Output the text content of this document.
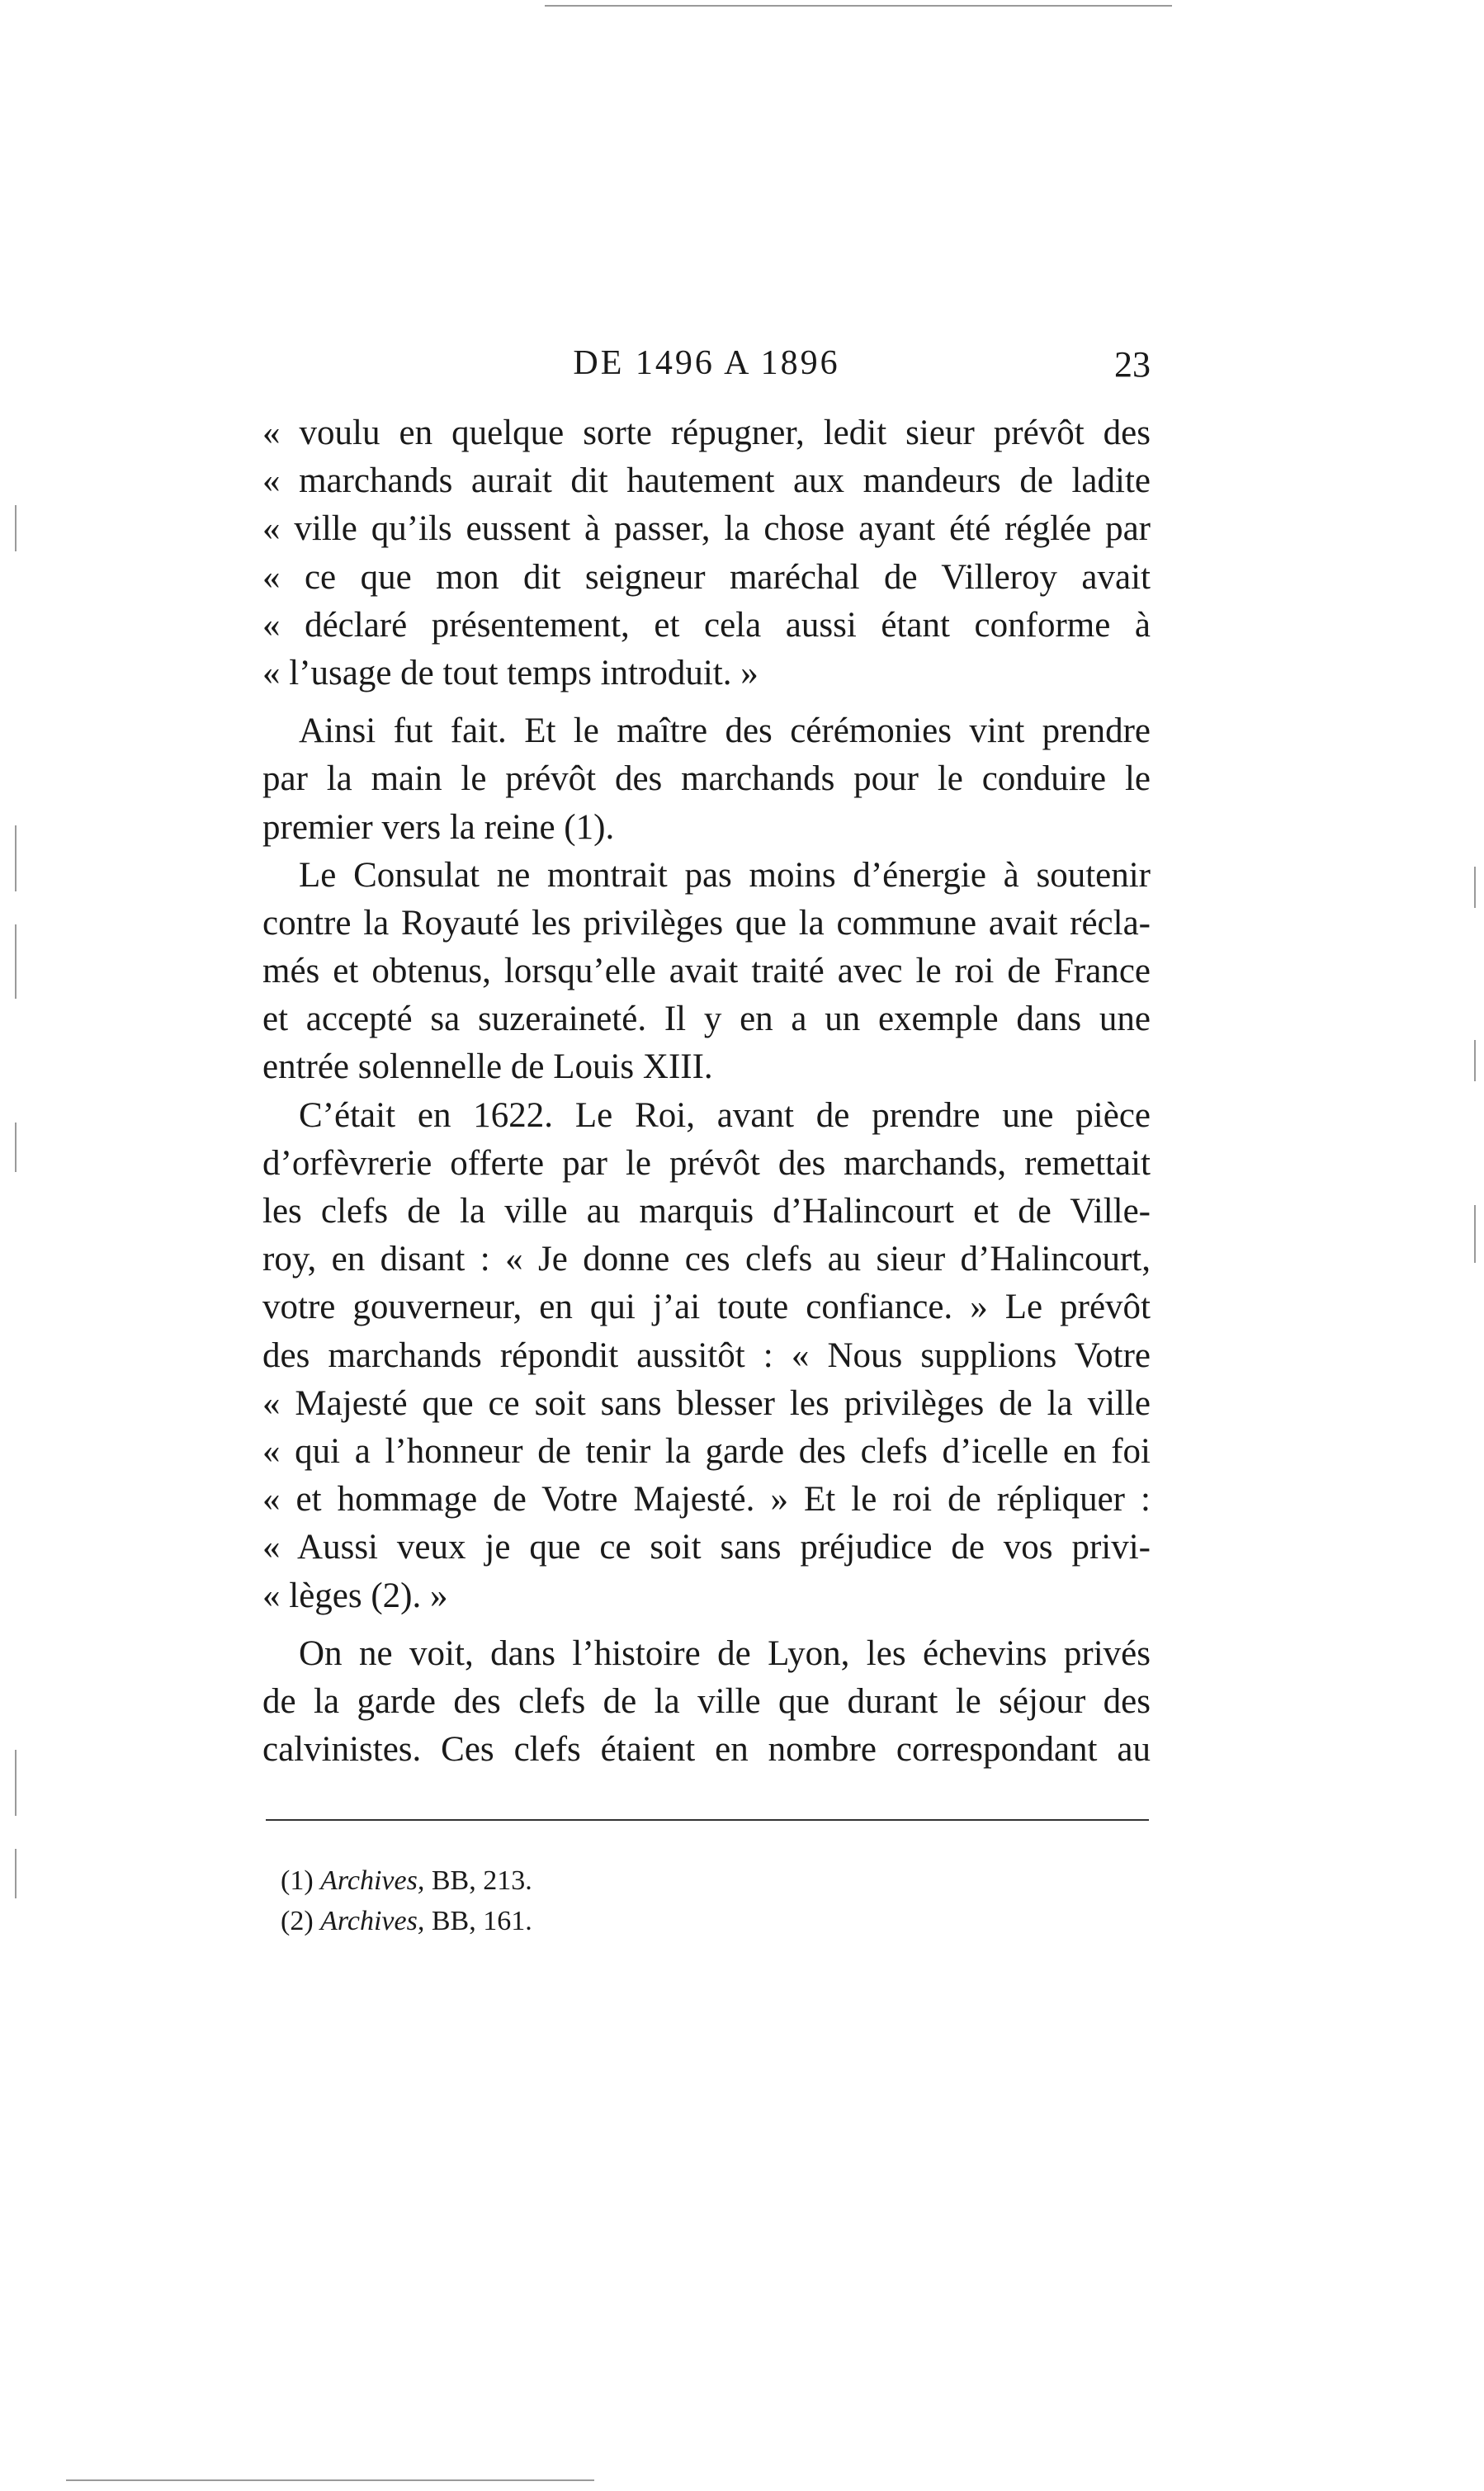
DE 1496 A 1896	23
« voulu en quelque sorte répugner, ledit sieur prévôt des
« marchands aurait dit hautement aux mandeurs de ladite
« ville qu’ils eussent à passer, la chose ayant été réglée par
« ce que mon dit seigneur maréchal de Villeroy avait
« déclaré présentement, et cela aussi étant conforme à
« l’usage de tout temps introduit. »
Ainsi fut fait. Et le maître des cérémonies vint prendre
par la main le prévôt des marchands pour le conduire le
premier vers la reine (1).
Le Consulat ne montrait pas moins d’énergie à soutenir
contre la Royauté les privilèges que la commune avait récla-
més et obtenus, lorsqu’elle avait traité avec le roi de France
et accepté sa suzeraineté. Il y en a un exemple dans une
entrée solennelle de Louis XIII.
C’était en 1622. Le Roi, avant de prendre une pièce
d’orfèvrerie offerte par le prévôt des marchands, remettait
les clefs de la ville au marquis d’Halincourt et de Ville-
roy, en disant : « Je donne ces clefs au sieur d’Halincourt,
votre gouverneur, en qui j’ai toute confiance. » Le prévôt
des marchands répondit aussitôt : « Nous supplions Votre
« Majesté que ce soit sans blesser les privilèges de la ville
« qui a l’honneur de tenir la garde des clefs d’icelle en foi
« et hommage de Votre Majesté. » Et le roi de répliquer :
« Aussi veux je que ce soit sans préjudice de vos privi-
« lèges (2). »
On ne voit, dans l’histoire de Lyon, les échevins privés
de la garde des clefs de la ville que durant le séjour des
calvinistes. Ces clefs étaient en nombre correspondant au
(1) Archives, BB, 213.
(2) Archives, BB, 161.
